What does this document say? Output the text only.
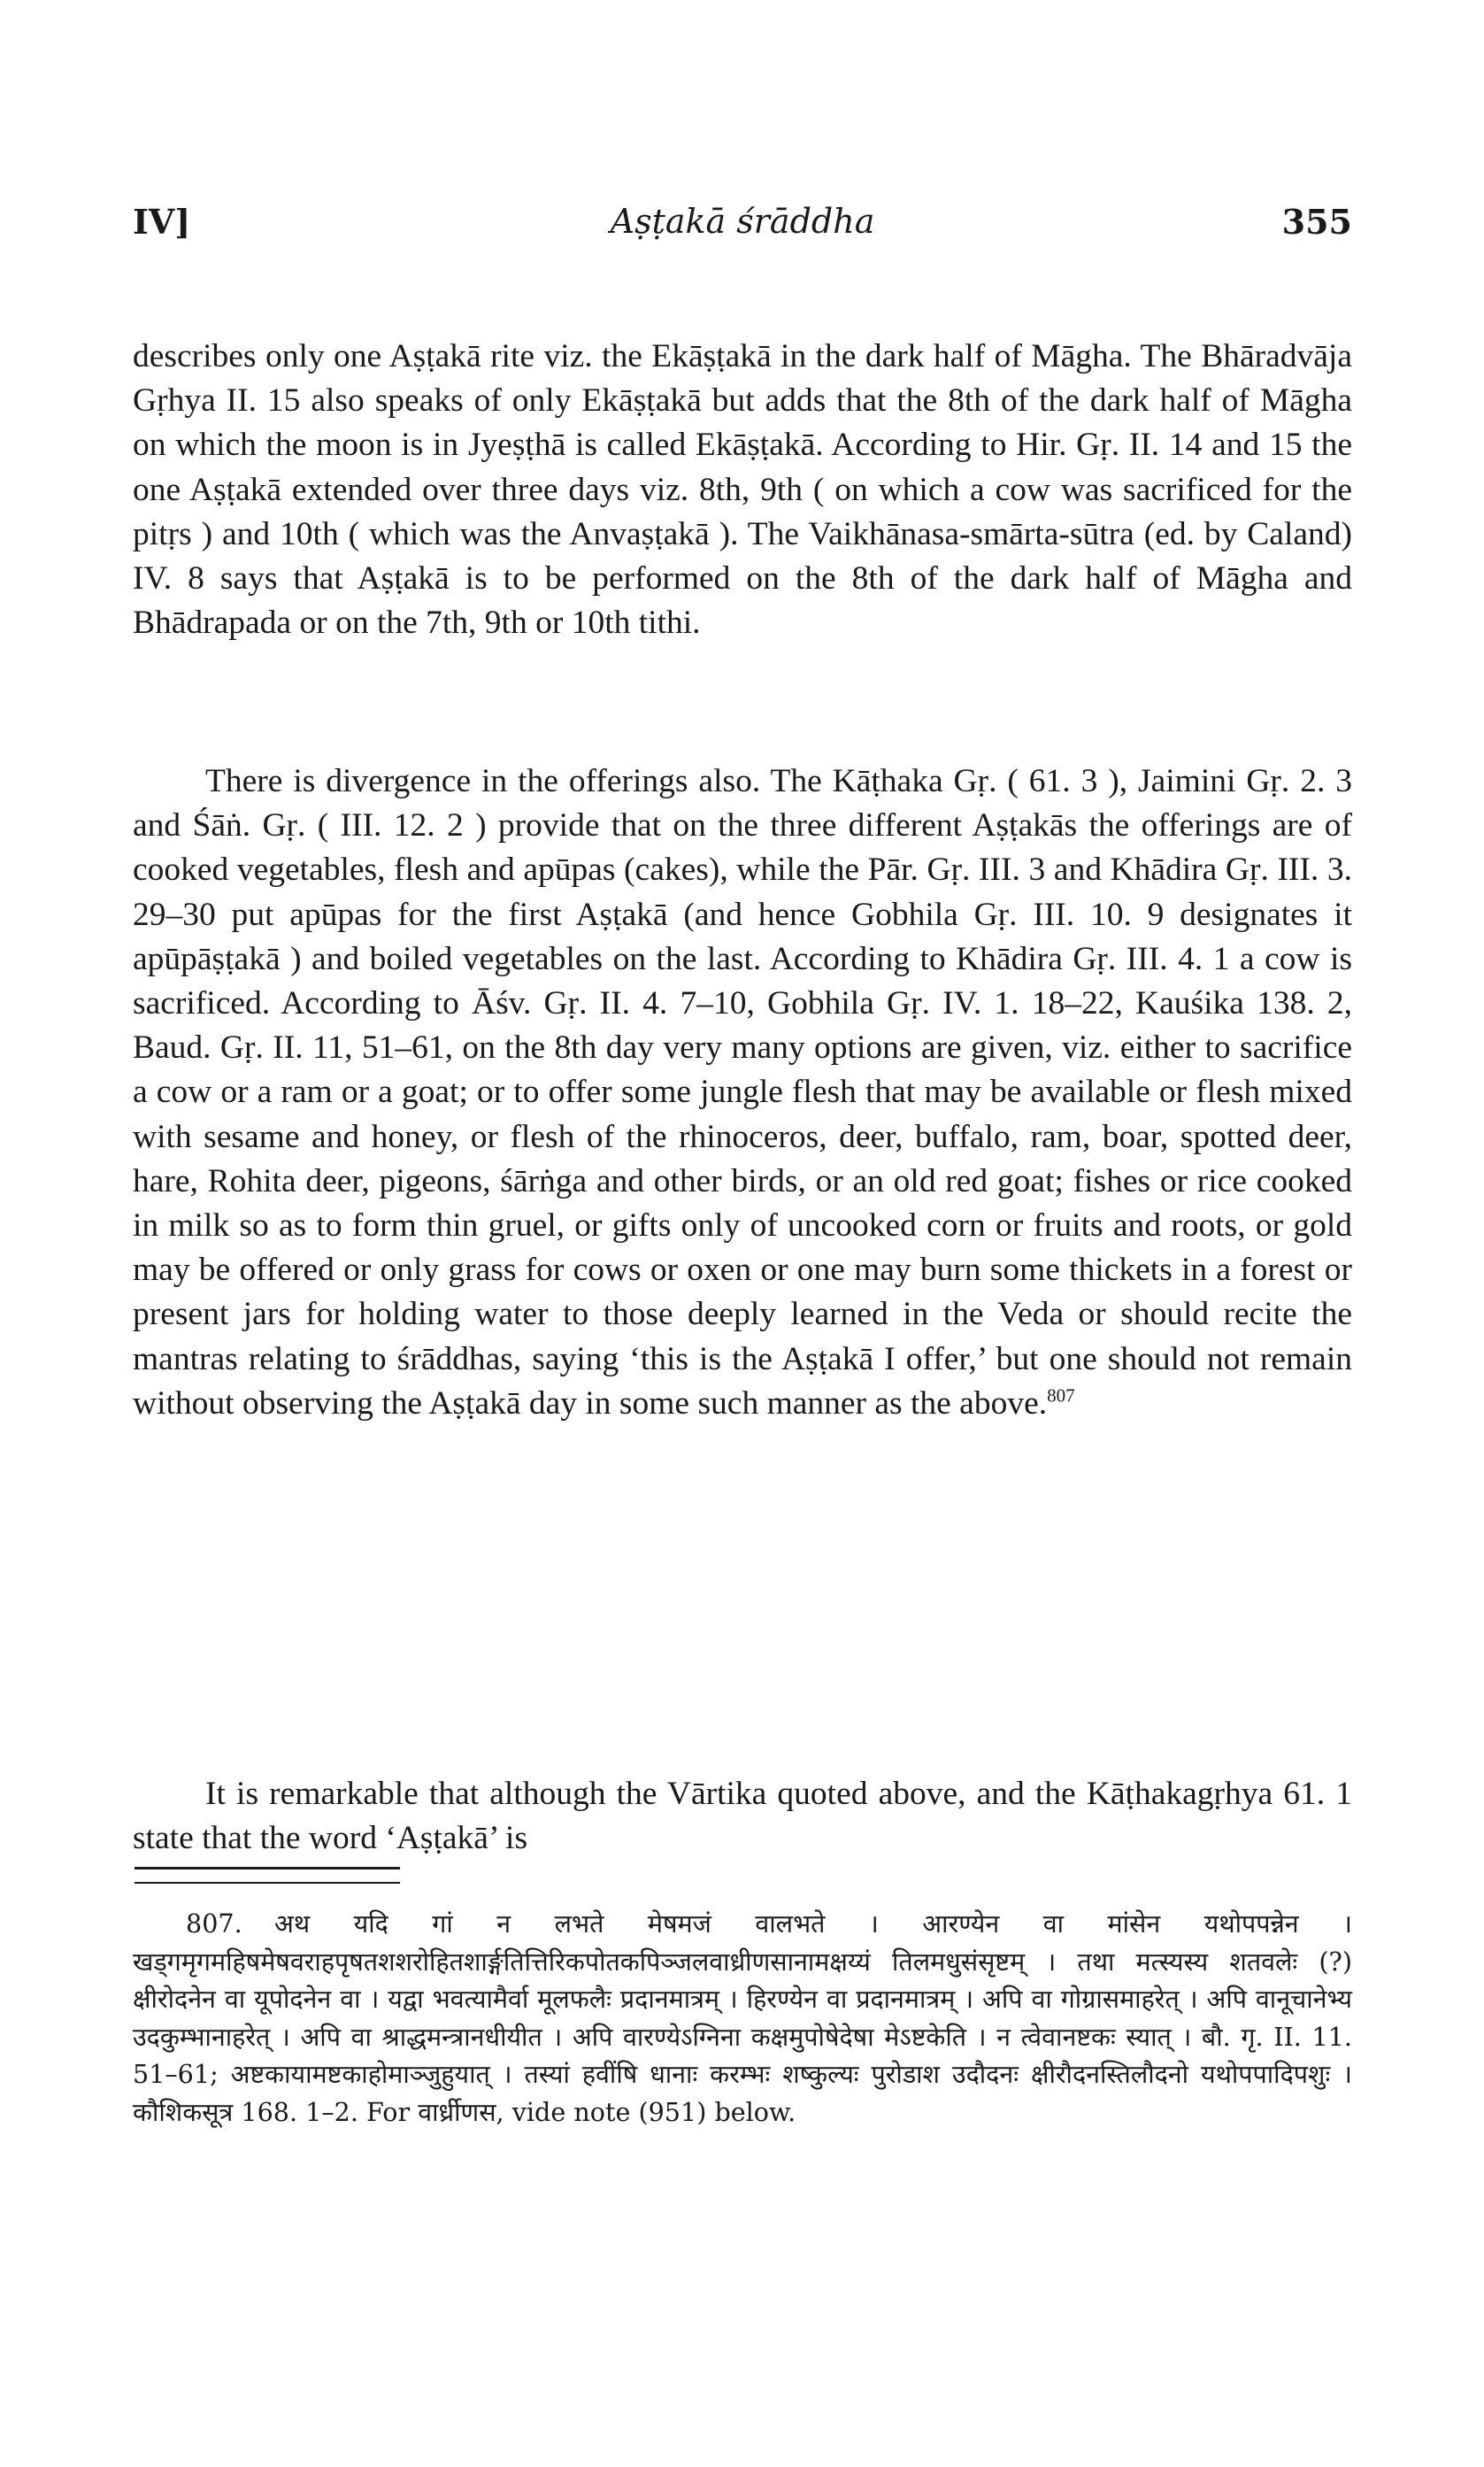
IV]	Aṣṭakā śrāddha	355

describes only one Aṣṭakā rite viz. the Ekāṣṭakā in the dark half of Māgha. The Bhāradvāja Gṛhya II. 15 also speaks of only Ekāṣṭakā but adds that the 8th of the dark half of Māgha on which the moon is in Jyeṣṭhā is called Ekāṣṭakā. According to Hir. Gṛ. II. 14 and 15 the one Aṣṭakā extended over three days viz. 8th, 9th ( on which a cow was sacrificed for the pitṛs ) and 10th ( which was the Anvaṣṭakā ). The Vaikhānasa-smārta-sūtra (ed. by Caland) IV. 8 says that Aṣṭakā is to be performed on the 8th of the dark half of Māgha and Bhādrapada or on the 7th, 9th or 10th tithi.

There is divergence in the offerings also. The Kāṭhaka Gṛ. ( 61. 3 ), Jaimini Gṛ. 2. 3 and Śāṅ. Gṛ. ( III. 12. 2 ) provide that on the three different Aṣṭakās the offerings are of cooked vegetables, flesh and apūpas (cakes), while the Pār. Gṛ. III. 3 and Khādira Gṛ. III. 3. 29–30 put apūpas for the first Aṣṭakā (and hence Gobhila Gṛ. III. 10. 9 designates it apūpāṣṭakā ) and boiled vegetables on the last. According to Khādira Gṛ. III. 4. 1 a cow is sacrificed. According to Āśv. Gṛ. II. 4. 7–10, Gobhila Gṛ. IV. 1. 18–22, Kauśika 138. 2, Baud. Gṛ. II. 11, 51–61, on the 8th day very many options are given, viz. either to sacrifice a cow or a ram or a goat; or to offer some jungle flesh that may be available or flesh mixed with sesame and honey, or flesh of the rhinoceros, deer, buffalo, ram, boar, spotted deer, hare, Rohita deer, pigeons, śārṅga and other birds, or an old red goat; fishes or rice cooked in milk so as to form thin gruel, or gifts only of uncooked corn or fruits and roots, or gold may be offered or only grass for cows or oxen or one may burn some thickets in a forest or present jars for holding water to those deeply learned in the Veda or should recite the mantras relating to śrāddhas, saying ‘this is the Aṣṭakā I offer,’ but one should not remain without observing the Aṣṭakā day in some such manner as the above.$^{807}$

It is remarkable that although the Vārtika quoted above, and the Kāṭhakagṛhya 61. 1 state that the word ‘Aṣṭakā’ is

807. अथ यदि गां न लभते मेषमजं वालभते । आरण्येन वा मांसेन यथोपपन्नेन । खड्गमृगमहिषमेषवराहपृषतशशरोहितशार्ङ्गतित्तिरिकपोतकपिञ्जलवाध्रीणसानामक्षय्यं तिलमधुसंसृष्टम् । तथा मत्स्यस्य शतवलेः (?) क्षीरोदनेन वा यूपोदनेन वा । यद्वा भवत्यामैर्वा मूलफलैः प्रदानमात्रम् । हिरण्येन वा प्रदानमात्रम् । अपि वा गोग्रासमाहरेत् । अपि वानूचानेभ्य उदकुम्भानाहरेत् । अपि वा श्राद्धमन्त्रानधीयीत । अपि वारण्येऽग्निना कक्षमुपोषेदेषा मेऽष्टकेति । न त्वेवानष्टकः स्यात् । बौ. गृ. II. 11. 51–61; अष्टकायामष्टकाहोमाञ्जुहुयात् । तस्यां हवींषि धानाः करम्भः शष्कुल्यः पुरोडाश उदौदनः क्षीरौदनस्तिलौदनो यथोपपादिपशुः । कौशिकसूत्र 168. 1–2. For वार्ध्रीणस, vide note (951) below.
